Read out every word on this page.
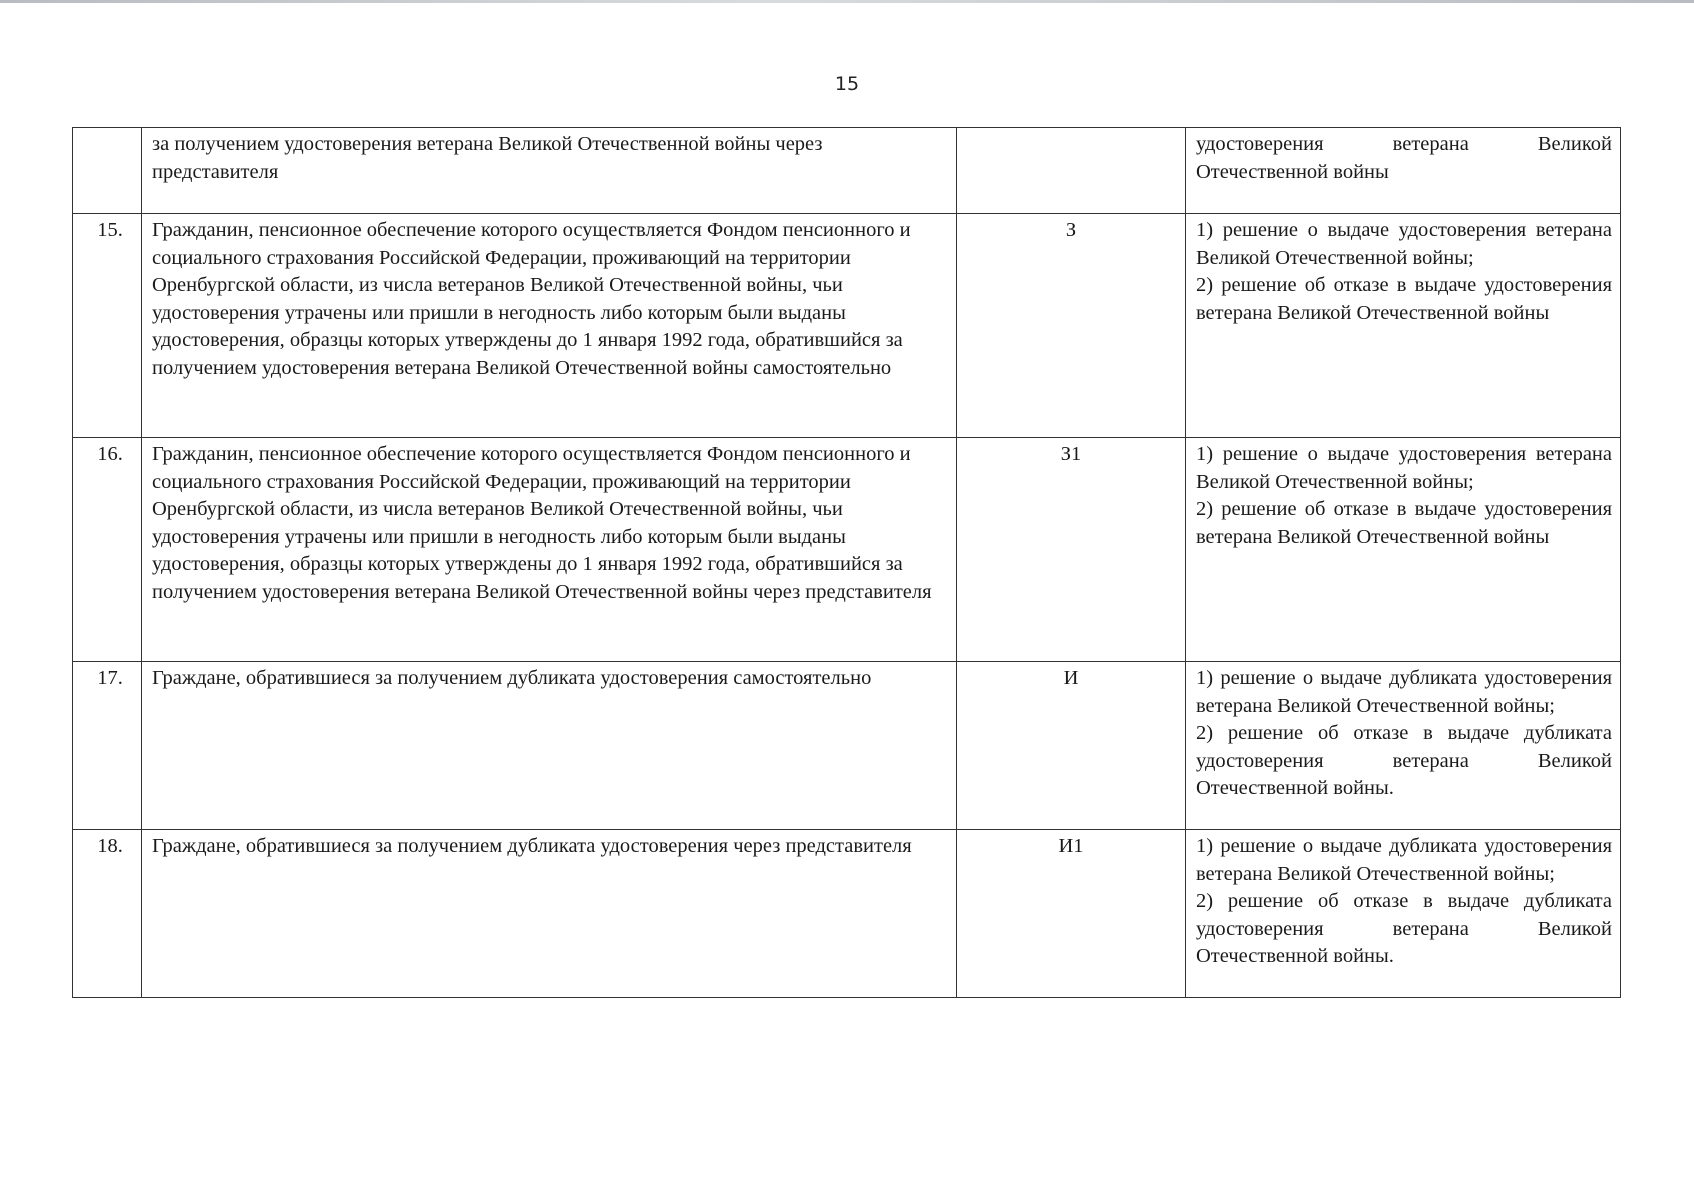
15
	за получением удостоверения ветерана Великой Отечественной войны через представителя		удостоверения ветерана Великой Отечественной войны

15.	Гражданин, пенсионное обеспечение которого осуществляется Фондом пенсионного и социального страхования Российской Федерации, проживающий на территории Оренбургской области, из числа ветеранов Великой Отечественной войны, чьи удостоверения утрачены или пришли в негодность либо которым были выданы удостоверения, образцы которых утверждены до 1 января 1992 года, обратившийся за получением удостоверения ветерана Великой Отечественной войны самостоятельно	З	1) решение о выдаче удостоверения ветерана Великой Отечественной войны;
2) решение об отказе в выдаче удостоверения ветерана Великой Отечественной войны

16.	Гражданин, пенсионное обеспечение которого осуществляется Фондом пенсионного и социального страхования Российской Федерации, проживающий на территории Оренбургской области, из числа ветеранов Великой Отечественной войны, чьи удостоверения утрачены или пришли в негодность либо которым были выданы удостоверения, образцы которых утверждены до 1 января 1992 года, обратившийся за получением удостоверения ветерана Великой Отечественной войны через представителя	З1	1) решение о выдаче удостоверения ветерана Великой Отечественной войны;
2) решение об отказе в выдаче удостоверения ветерана Великой Отечественной войны

17.	Граждане, обратившиеся за получением дубликата удостоверения самостоятельно	И	1) решение о выдаче дубликата удостоверения ветерана Великой Отечественной войны;
2) решение об отказе в выдаче дубликата удостоверения ветерана Великой Отечественной войны.

18.	Граждане, обратившиеся за получением дубликата удостоверения через представителя	И1	1) решение о выдаче дубликата удостоверения ветерана Великой Отечественной войны;
2) решение об отказе в выдаче дубликата удостоверения ветерана Великой Отечественной войны.
